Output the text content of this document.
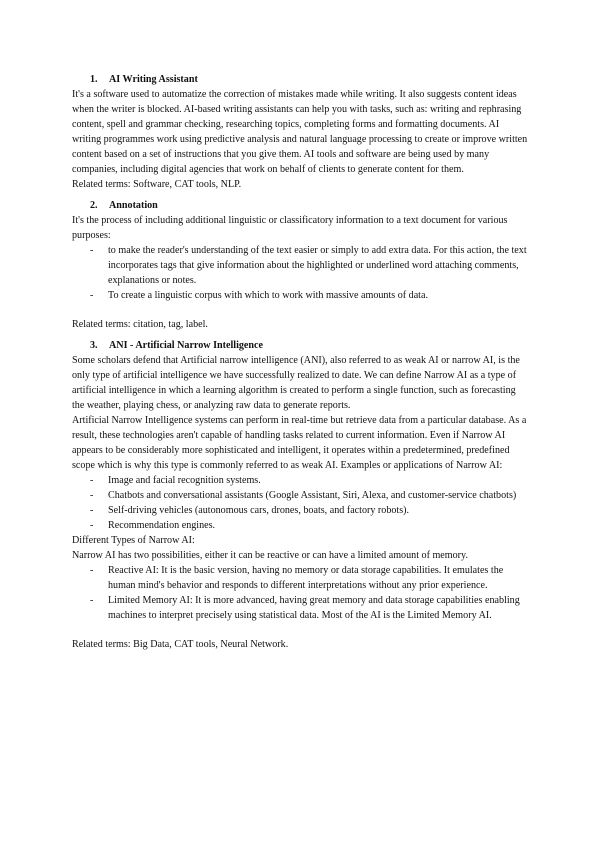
1.	AI Writing Assistant

It's a software used to automatize the correction of mistakes made while writing. It also suggests content ideas when the writer is blocked. AI-based writing assistants can help you with tasks, such as: writing and rephrasing content, spell and grammar checking, researching topics, completing forms and formatting documents. AI writing programmes work using predictive analysis and natural language processing to create or improve written content based on a set of instructions that you give them. AI tools and software are being used by many companies, including digital agencies that work on behalf of clients to generate content for them.

Related terms: Software, CAT tools, NLP.

2.	Annotation

It's the process of including additional linguistic or classificatory information to a text document for various purposes:

- to make the reader's understanding of the text easier or simply to add extra data. For this action, the text incorporates tags that give information about the highlighted or underlined word attaching comments, explanations or notes.
- To create a linguistic corpus with which to work with massive amounts of data.

Related terms: citation, tag, label.

3.	ANI - Artificial Narrow Intelligence

Some scholars defend that Artificial narrow intelligence (ANI), also referred to as weak AI or narrow AI, is the only type of artificial intelligence we have successfully realized to date. We can define Narrow AI as a type of artificial intelligence in which a learning algorithm is created to perform a single function, such as forecasting the weather, playing chess, or analyzing raw data to generate reports.

Artificial Narrow Intelligence systems can perform in real-time but retrieve data from a particular database. As a result, these technologies aren't capable of handling tasks related to current information. Even if Narrow AI appears to be considerably more sophisticated and intelligent, it operates within a predetermined, predefined scope which is why this type is commonly referred to as weak AI. Examples or applications of Narrow AI:

- Image and facial recognition systems.
- Chatbots and conversational assistants (Google Assistant, Siri, Alexa, and customer-service chatbots)
- Self-driving vehicles (autonomous cars, drones, boats, and factory robots).
- Recommendation engines.

Different Types of Narrow AI:

Narrow AI has two possibilities, either it can be reactive or can have a limited amount of memory.

- Reactive AI: It is the basic version, having no memory or data storage capabilities. It emulates the human mind's behavior and responds to different interpretations without any prior experience.
- Limited Memory AI: It is more advanced, having great memory and data storage capabilities enabling machines to interpret precisely using statistical data. Most of the AI is the Limited Memory AI.

Related terms: Big Data, CAT tools, Neural Network.
